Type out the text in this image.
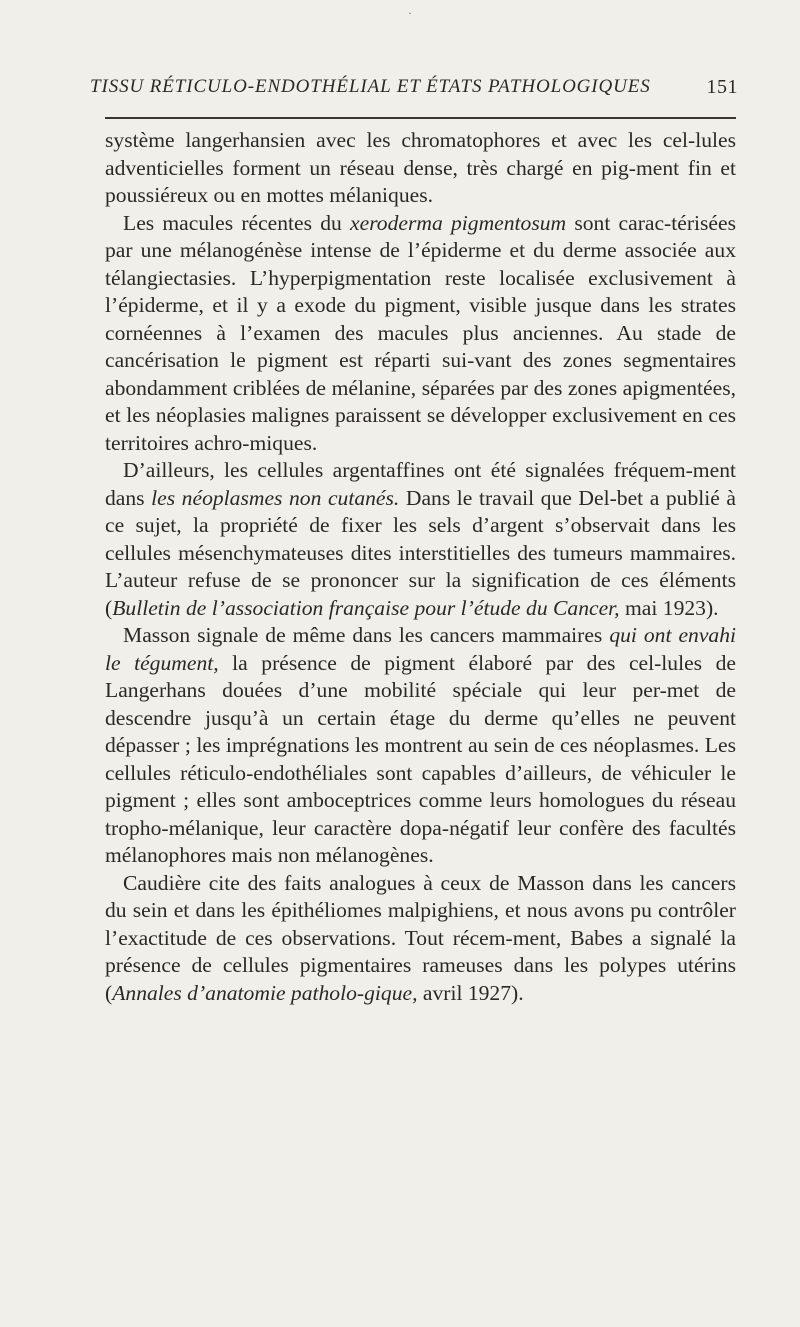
·
TISSU RÉTICULO-ENDOTHÉLIAL ET ÉTATS PATHOLOGIQUES	151

système langerhansien avec les chromatophores et avec les cel-lules adventicielles forment un réseau dense, très chargé en pig-ment fin et poussiéreux ou en mottes mélaniques.

Les macules récentes du xeroderma pigmentosum sont carac-térisées par une mélanogénèse intense de l’épiderme et du derme associée aux télangiectasies. L’hyperpigmentation reste localisée exclusivement à l’épiderme, et il y a exode du pigment, visible jusque dans les strates cornéennes à l’examen des macules plus anciennes. Au stade de cancérisation le pigment est réparti sui-vant des zones segmentaires abondamment criblées de mélanine, séparées par des zones apigmentées, et les néoplasies malignes paraissent se développer exclusivement en ces territoires achro-miques.

D’ailleurs, les cellules argentaffines ont été signalées fréquem-ment dans les néoplasmes non cutanés. Dans le travail que Del-bet a publié à ce sujet, la propriété de fixer les sels d’argent s’observait dans les cellules mésenchymateuses dites interstitielles des tumeurs mammaires. L’auteur refuse de se prononcer sur la signification de ces éléments (Bulletin de l’association française pour l’étude du Cancer, mai 1923).

Masson signale de même dans les cancers mammaires qui ont envahi le tégument, la présence de pigment élaboré par des cel-lules de Langerhans douées d’une mobilité spéciale qui leur per-met de descendre jusqu’à un certain étage du derme qu’elles ne peuvent dépasser ; les imprégnations les montrent au sein de ces néoplasmes. Les cellules réticulo-endothéliales sont capables d’ailleurs, de véhiculer le pigment ; elles sont amboceptrices comme leurs homologues du réseau tropho-mélanique, leur caractère dopa-négatif leur confère des facultés mélanophores mais non mélanogènes.

Caudière cite des faits analogues à ceux de Masson dans les cancers du sein et dans les épithéliomes malpighiens, et nous avons pu contrôler l’exactitude de ces observations. Tout récem-ment, Babes a signalé la présence de cellules pigmentaires rameuses dans les polypes utérins (Annales d’anatomie patholo-gique, avril 1927).
